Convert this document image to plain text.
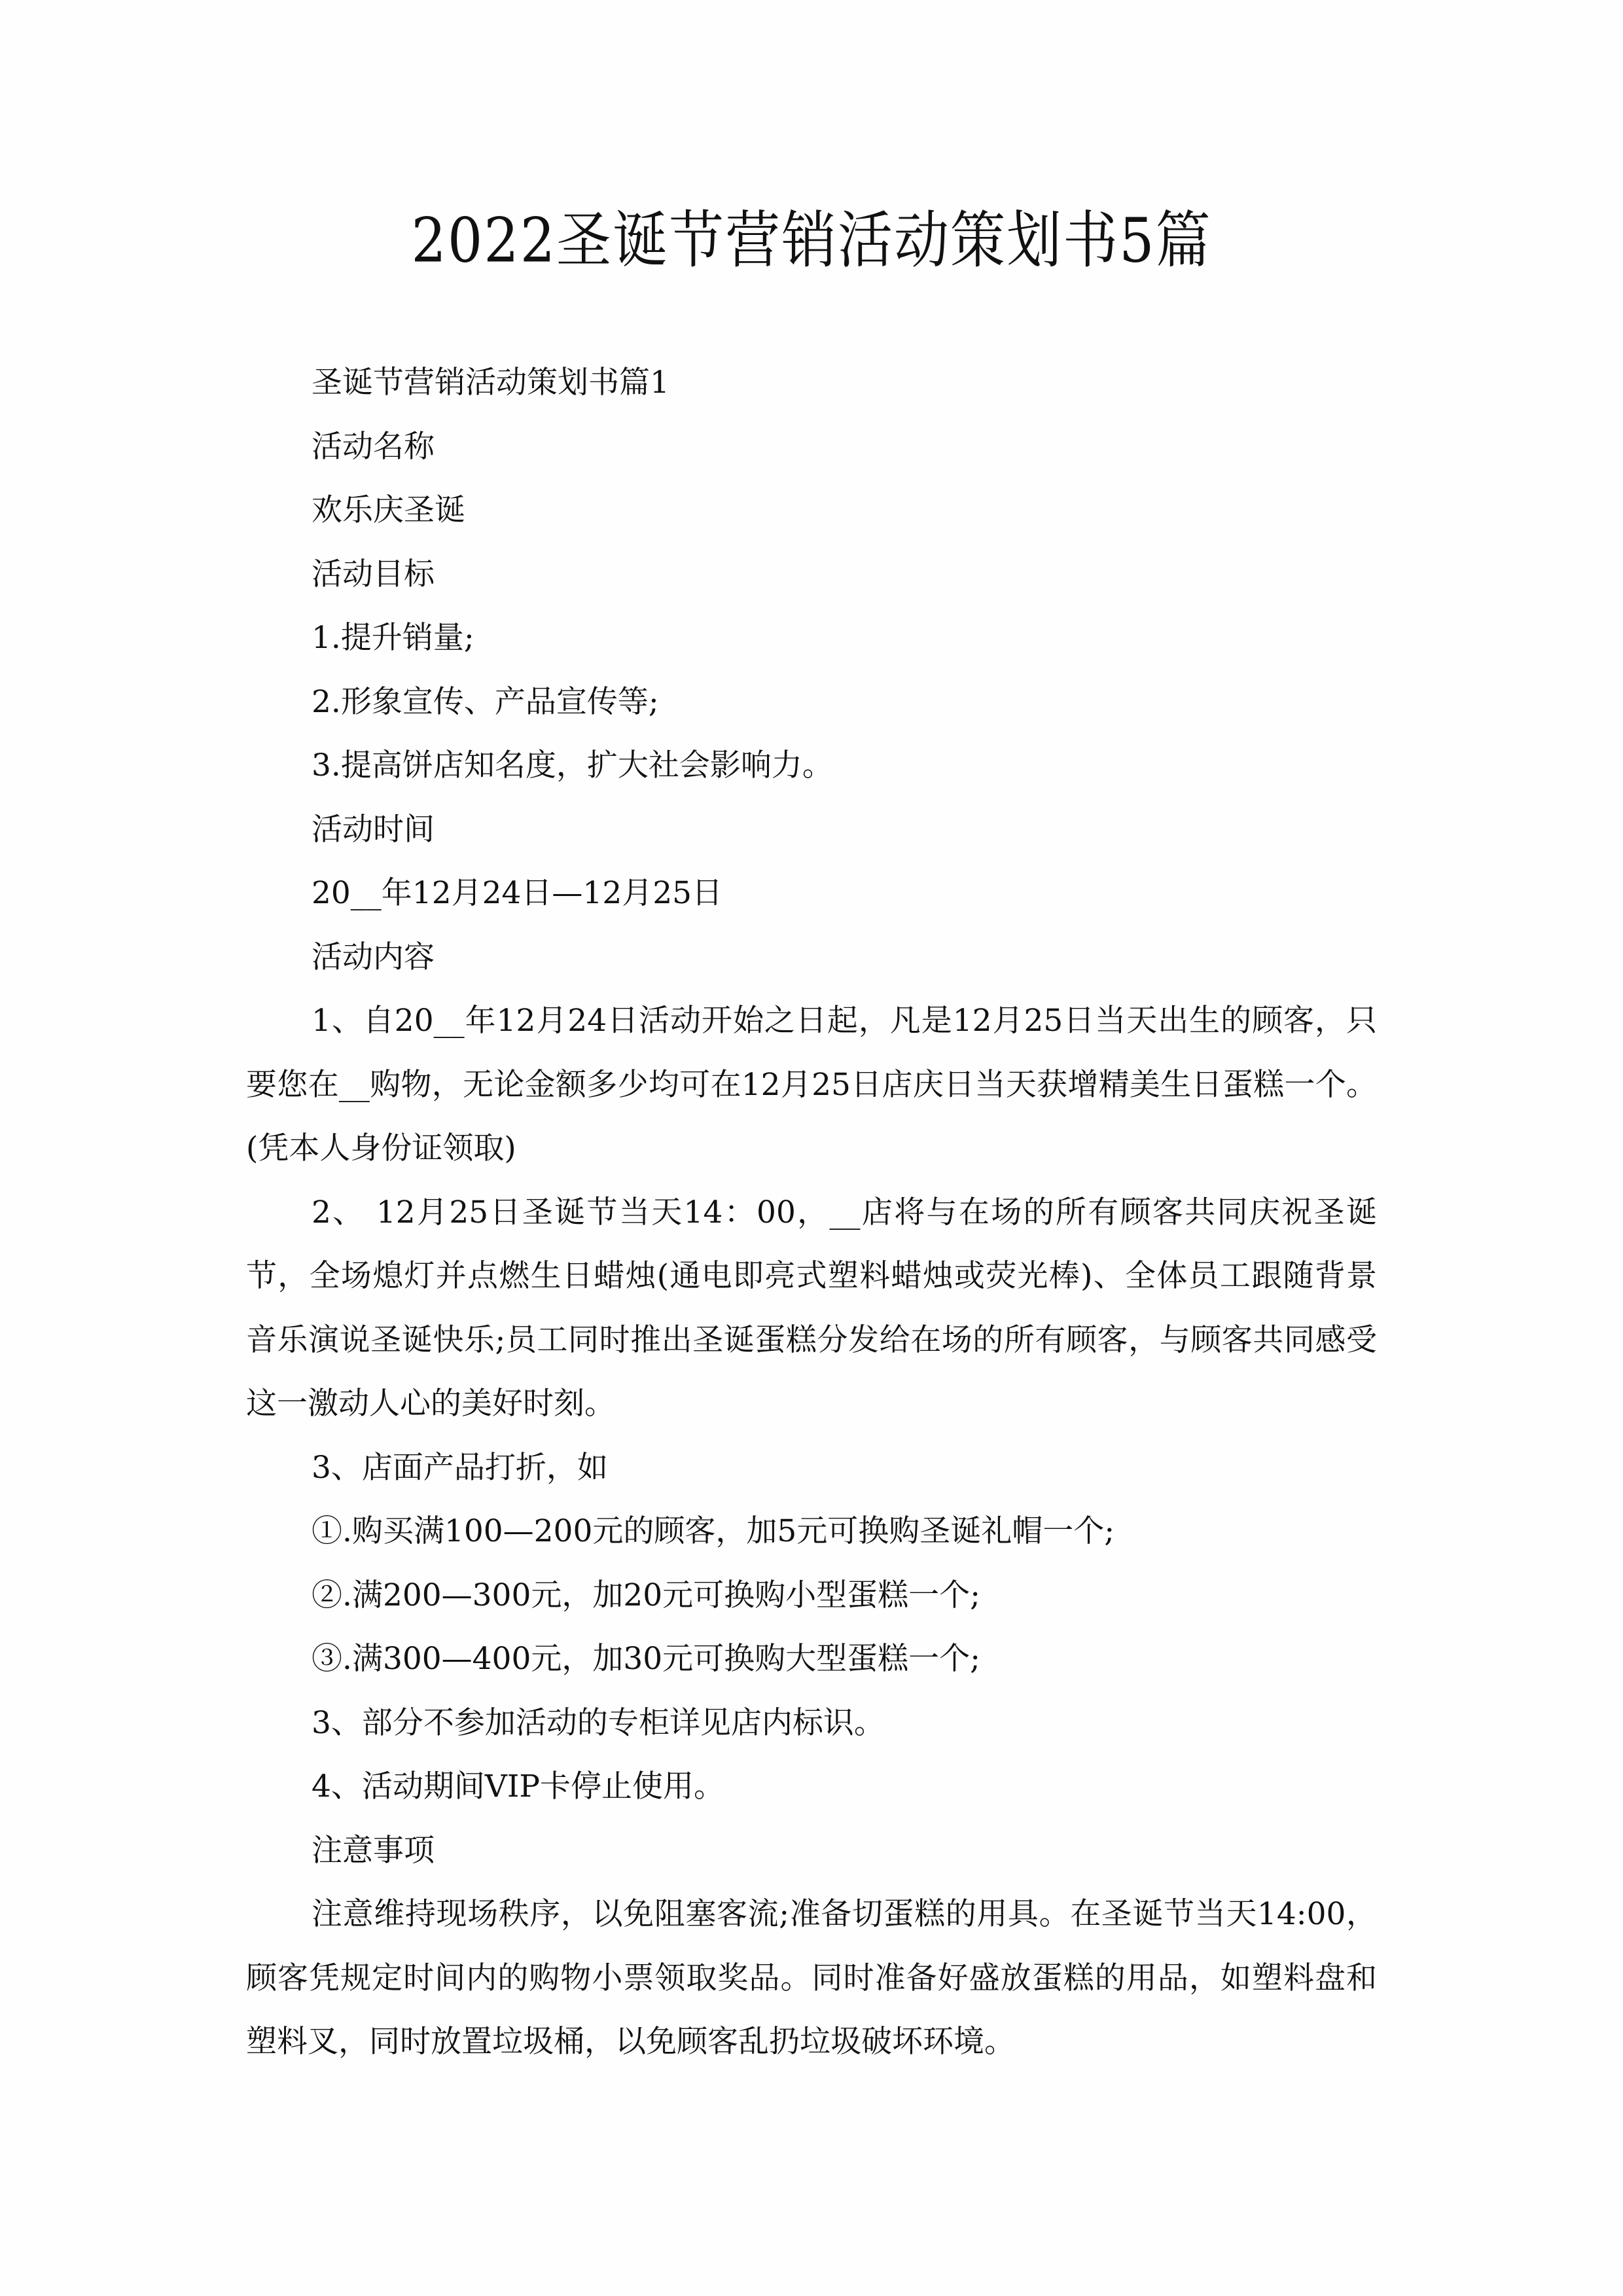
2022圣诞节营销活动策划书5篇

圣诞节营销活动策划书篇1

活动名称

欢乐庆圣诞

活动目标

1.提升销量;

2.形象宣传、产品宣传等;

3.提高饼店知名度，扩大社会影响力。

活动时间

20__年12月24日—12月25日

活动内容

1、自20__年12月24日活动开始之日起，凡是12月25日当天出生的顾客，只要您在__购物，无论金额多少均可在12月25日店庆日当天获增精美生日蛋糕一个。(凭本人身份证领取)

2、 12月25日圣诞节当天14：00，__店将与在场的所有顾客共同庆祝圣诞节，全场熄灯并点燃生日蜡烛(通电即亮式塑料蜡烛或荧光棒)、全体员工跟随背景音乐演说圣诞快乐;员工同时推出圣诞蛋糕分发给在场的所有顾客，与顾客共同感受这一激动人心的美好时刻。

3、店面产品打折，如

①.购买满100—200元的顾客，加5元可换购圣诞礼帽一个;

②.满200—300元，加20元可换购小型蛋糕一个;

③.满300—400元，加30元可换购大型蛋糕一个;

3、部分不参加活动的专柜详见店内标识。

4、活动期间VIP卡停止使用。

注意事项

注意维持现场秩序，以免阻塞客流;准备切蛋糕的用具。在圣诞节当天14:00，顾客凭规定时间内的购物小票领取奖品。同时准备好盛放蛋糕的用品，如塑料盘和塑料叉，同时放置垃圾桶，以免顾客乱扔垃圾破坏环境。
